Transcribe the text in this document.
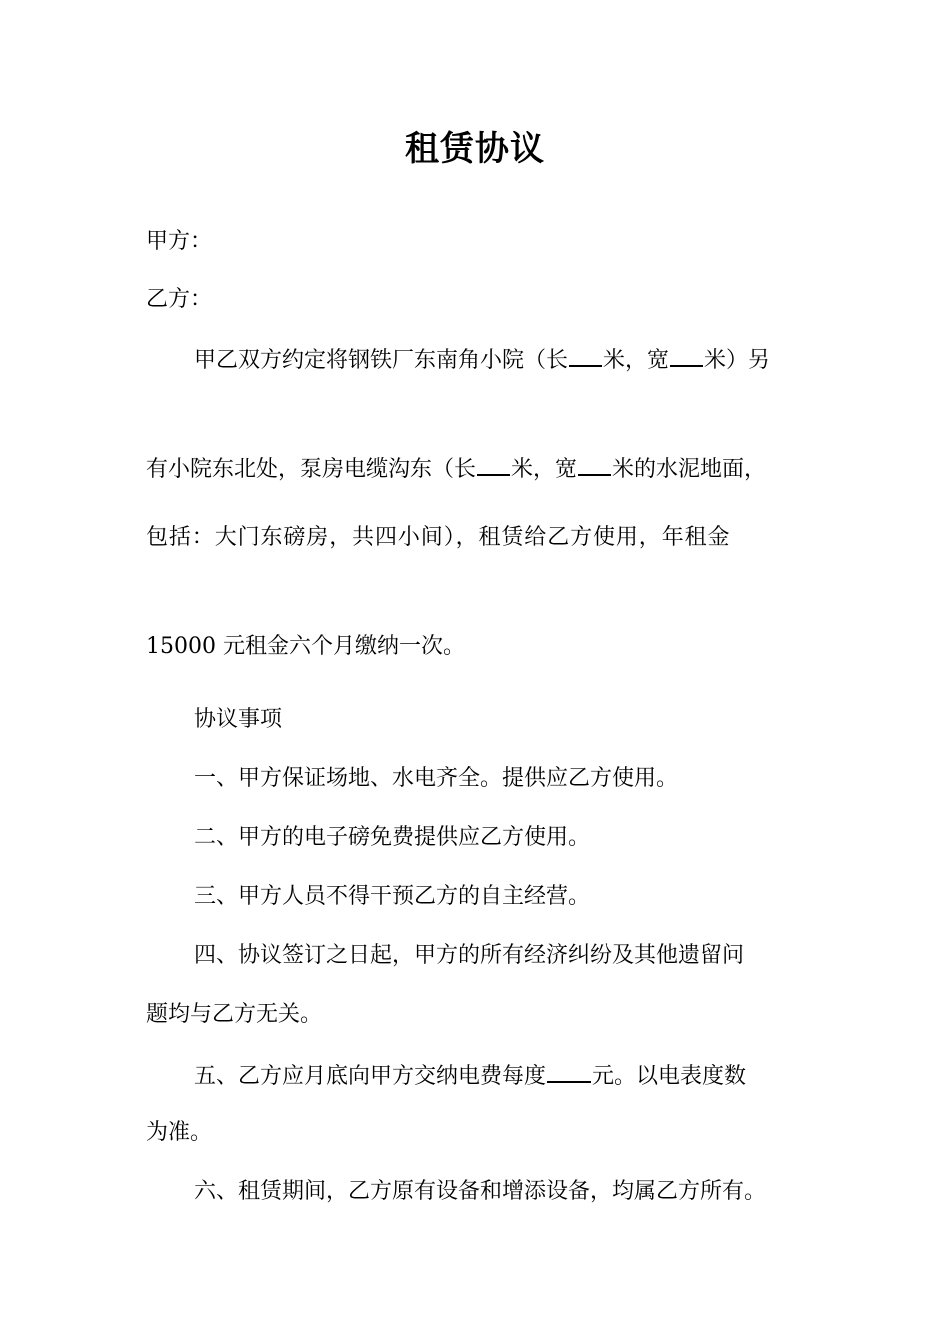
租赁协议
甲方：
乙方：
甲乙双方约定将钢铁厂东南角小院（长 米，宽 米）另
有小院东北处，泵房电缆沟东（长 米，宽 米的水泥地面，
包括：大门东磅房，共四小间），租赁给乙方使用，年租金
15000 元租金六个月缴纳一次。
协议事项
一、甲方保证场地、水电齐全。提供应乙方使用。
二、甲方的电子磅免费提供应乙方使用。
三、甲方人员不得干预乙方的自主经营。
四、协议签订之日起，甲方的所有经济纠纷及其他遗留问
题均与乙方无关。
五、乙方应月底向甲方交纳电费每度 元。以电表度数
为准。
六、租赁期间，乙方原有设备和增添设备，均属乙方所有。
